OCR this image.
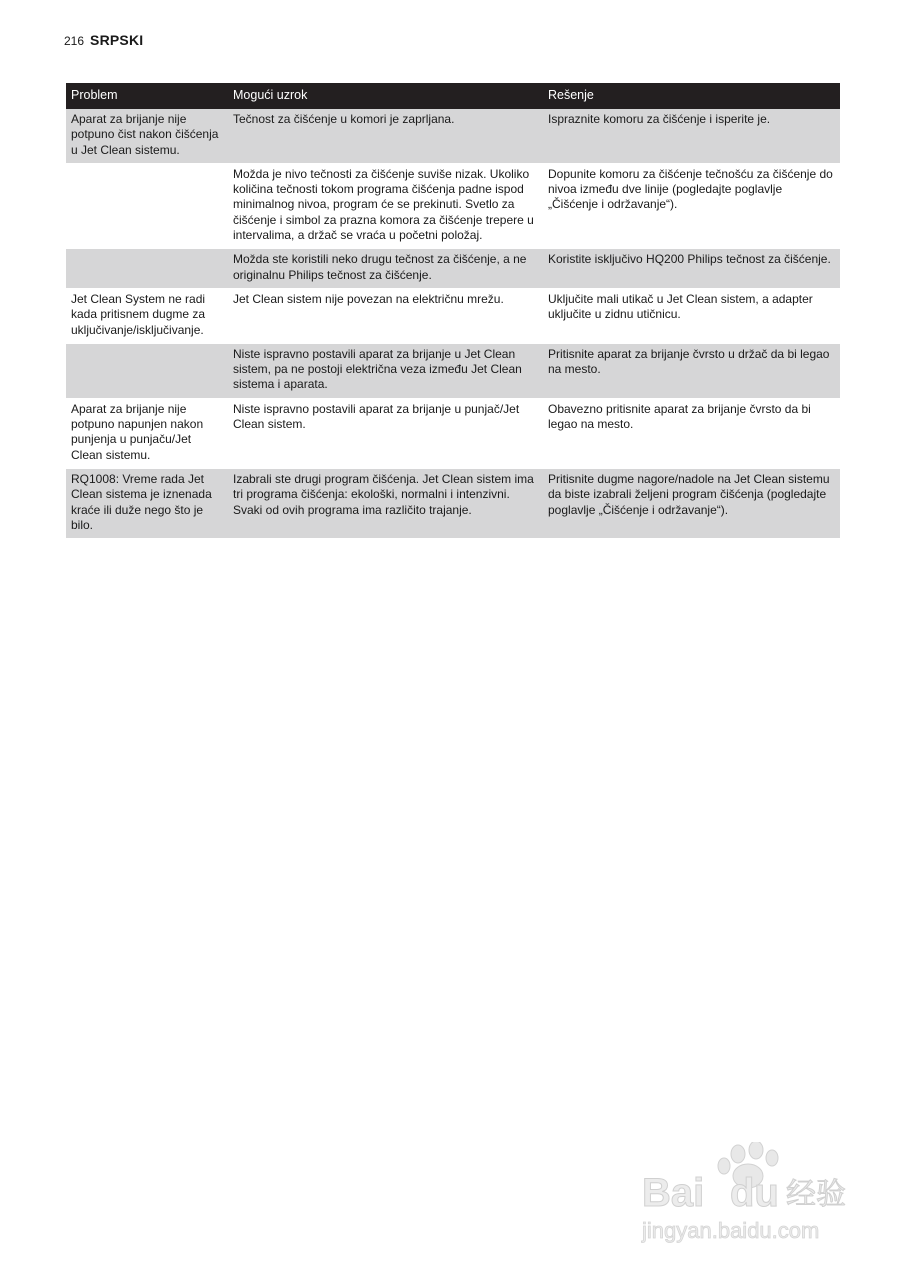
216 SRPSKI
Problem	Mogući uzrok	Rešenje
Aparat za brijanje nije potpuno čist nakon čišćenja u Jet Clean sistemu.	Tečnost za čišćenje u komori je zaprljana.	Ispraznite komoru za čišćenje i isperite je.
	Možda je nivo tečnosti za čišćenje suviše nizak. Ukoliko količina tečnosti tokom programa čišćenja padne ispod minimalnog nivoa, program će se prekinuti. Svetlo za čišćenje i simbol za prazna komora za čišćenje trepere u intervalima, a držač se vraća u početni položaj.	Dopunite komoru za čišćenje tečnošću za čišćenje do nivoa između dve linije (pogledajte poglavlje „Čišćenje i održavanje“).
	Možda ste koristili neko drugu tečnost za čišćenje, a ne originalnu Philips tečnost za čišćenje.	Koristite isključivo HQ200 Philips tečnost za čišćenje.
Jet Clean System ne radi kada pritisnem dugme za uključivanje/isključivanje.	Jet Clean sistem nije povezan na električnu mrežu.	Uključite mali utikač u Jet Clean sistem, a adapter uključite u zidnu utičnicu.
	Niste ispravno postavili aparat za brijanje u Jet Clean sistem, pa ne postoji električna veza između Jet Clean sistema i aparata.	Pritisnite aparat za brijanje čvrsto u držač da bi legao na mesto.
Aparat za brijanje nije potpuno napunjen nakon punjenja u punjaču/Jet Clean sistemu.	Niste ispravno postavili aparat za brijanje u punjač/Jet Clean sistem.	Obavezno pritisnite aparat za brijanje čvrsto da bi legao na mesto.
RQ1008: Vreme rada Jet Clean sistema je iznenada kraće ili duže nego što je bilo.	Izabrali ste drugi program čišćenja. Jet Clean sistem ima tri programa čišćenja: ekološki, normalni i intenzivni. Svaki od ovih programa ima različito trajanje.	Pritisnite dugme nagore/nadole na Jet Clean sistemu da biste izabrali željeni program čišćenja (pogledajte poglavlje „Čišćenje i održavanje“).
Bai du 经验
jingyan.baidu.com
